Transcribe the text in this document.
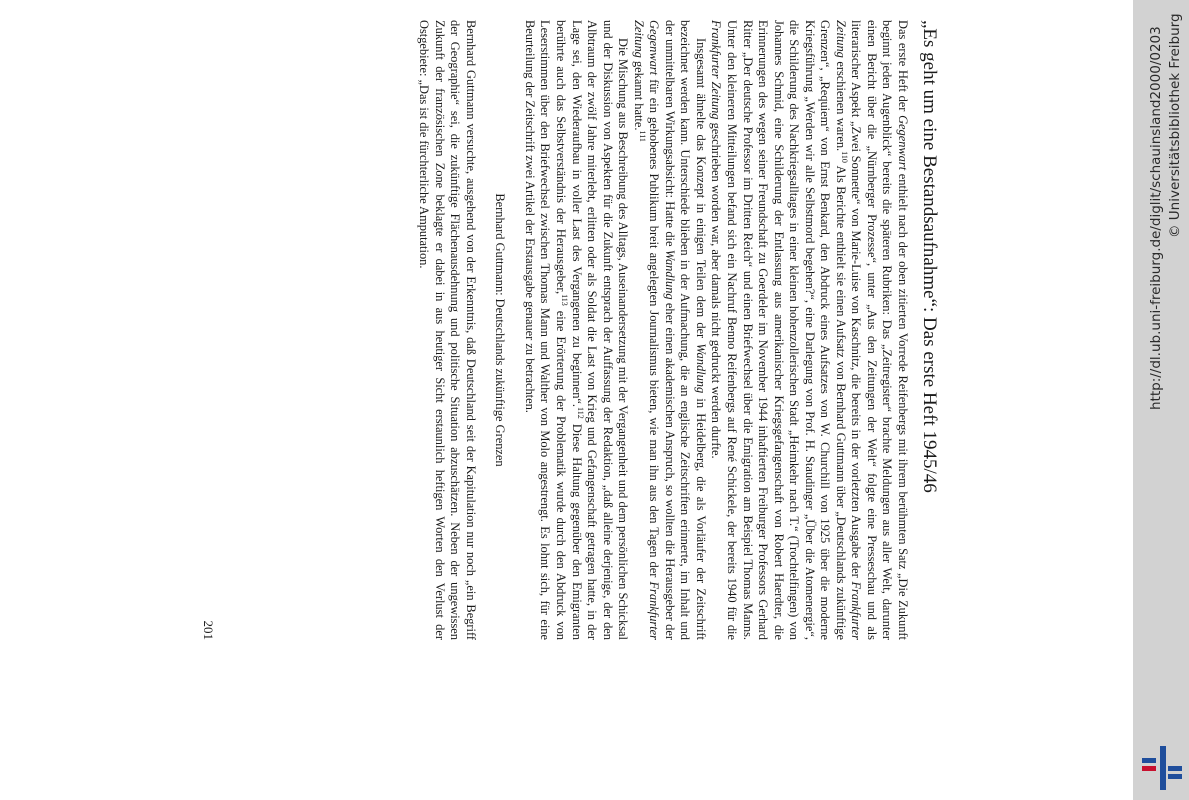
„Es geht um eine Bestandsaufnahme“: Das erste Heft 1945/46

Das erste Heft der Gegenwart enthielt nach der oben zitierten Vorrede Reifenbergs mit ihrem berühmten Satz „Die Zukunft beginnt jeden Augenblick“ bereits die späteren Rubriken: Das „Zeitregister“ brachte Meldungen aus aller Welt, darunter einen Bericht über die „Nürnberger Prozesse“, unter „Aus den Zeitungen der Welt“ folgte eine Presseschau und als literarischer Aspekt „Zwei Sonnette“ von Marie-Luise von Kaschnitz, die bereits in der vorletzten Ausgabe der Frankfurter Zeitung erschienen waren.$^{110}$ Als Berichte enthielt sie einen Aufsatz von Bernhard Guttmann über „Deutschlands zukünftige Grenzen“, „Requiem“ von Ernst Benkard, den Abdruck eines Aufsatzes von W. Churchill von 1925 über die moderne Kriegsführung „Werden wir alle Selbstmord begehen?“, eine Darlegung von Prof. H. Staudinger „Über die Atomenergie“, die Schilderung des Nachkriegsalltages in einer kleinen hohenzollerischen Stadt „Heimkehr nach T.“ (Trochtelfingen) von Johannes Schmid, eine Schilderung der Entlassung aus amerikanischer Kriegsgefangenschaft von Robert Haerdter, die Erinnerungen des wegen seiner Freundschaft zu Goerdeler im November 1944 inhaftierten Freiburger Professors Gerhard Ritter „Der deutsche Professor im Dritten Reich“ und einen Briefwechsel über die Emigration am Beispiel Thomas Manns. Unter den kleineren Mitteilungen befand sich ein Nachruf Benno Reifenbergs auf René Schickele, der bereits 1940 für die Frankfurter Zeitung geschrieben worden war, aber damals nicht gedruckt werden durfte.

Insgesamt ähnelte das Konzept in einigen Teilen dem der Wandlung in Heidelberg, die als Vorläufer der Zeitschrift bezeichnet werden kann. Unterschiede blieben in der Aufmachung, die an englische Zeitschriften erinnerte, im Inhalt und der unmittelbaren Wirkungsabsicht: Hatte die Wandlung eher einen akademischen Anspruch, so wollten die Herausgeber der Gegenwart für ein gehobenes Publikum breit angelegten Journalismus bieten, wie man ihn aus den Tagen der Frankfurter Zeitung gekannt hatte.$^{111}$

Die Mischung aus Beschreibung des Alltags, Auseinandersetzung mit der Vergangenheit und dem persönlichen Schicksal und der Diskussion von Aspekten für die Zukunft entsprach der Auffassung der Redaktion, „daß alleine derjenige, der den Albtraum der zwölf Jahre miterlebt, erlitten oder als Soldat die Last von Krieg und Gefangenschaft getragen hatte, in der Lage sei, den Wiederaufbau in voller Last des Vergangenen zu beginnen“.$^{112}$ Diese Haltung gegenüber den Emigranten berührte auch das Selbstverständnis der Herausgeber,$^{113}$ eine Erörterung der Problematik wurde durch den Abdruck von Leserstimmen über den Briefwechsel zwischen Thomas Mann und Walther von Molo angestrengt. Es lohnt sich, für eine Beurteilung der Zeitschrift zwei Artikel der Erstausgabe genauer zu betrachten.

Bernhard Guttmann: Deutschlands zukünftige Grenzen

Bernhard Guttmann versuchte, ausgehend von der Erkenntnis, daß Deutschland seit der Kapitulation nur noch „ein Begriff der Geographie“ sei, die zukünftige Flächenausdehnung und politische Situation abzuschätzen. Neben der ungewissen Zukunft der französischen Zone beklagte er dabei in aus heutiger Sicht erstaunlich heftigen Worten den Verlust der Ostgebiete: „Das ist die fürchterliche Amputation.

201
http://dl.ub.uni-freiburg.de/diglit/schauinsland2000/0203 © Universitätsbibliothek Freiburg
